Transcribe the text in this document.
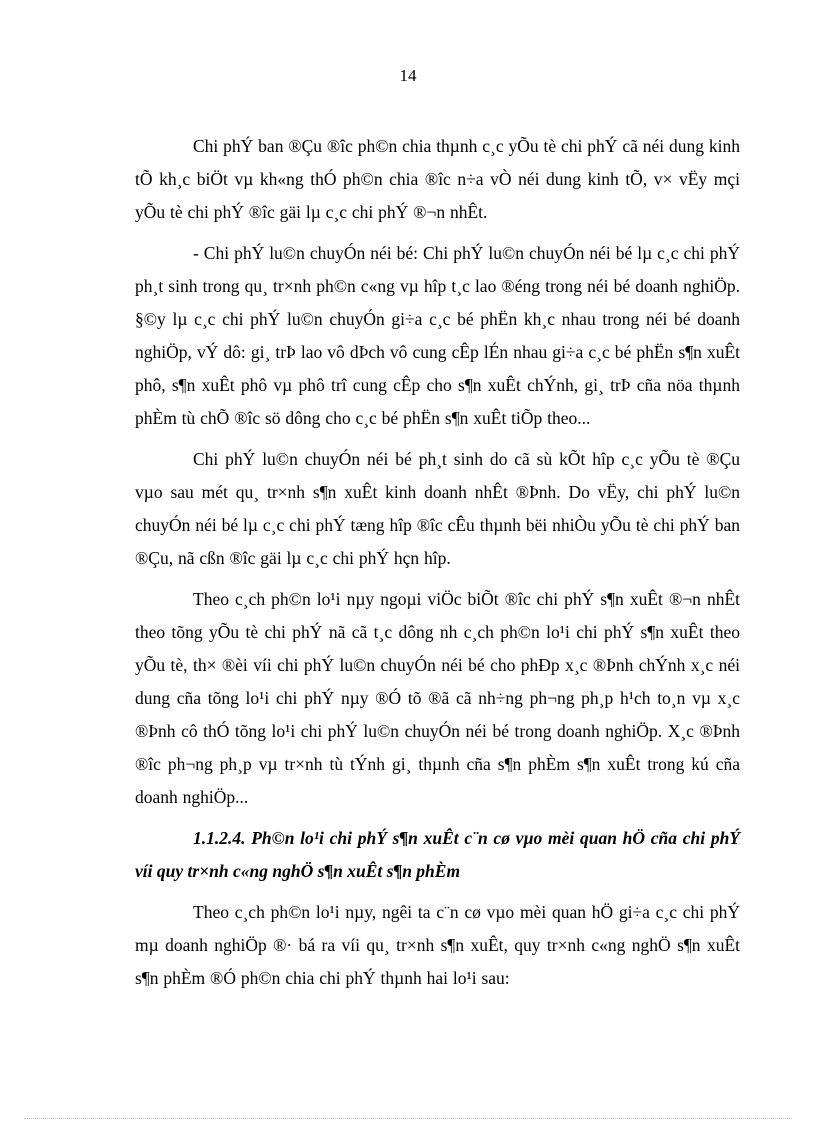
14

Chi phÝ ban ®Çu ®îc ph©n chia thµnh c¸c yÕu tè chi phÝ cã néi dung kinh tÕ kh¸c biÖt vµ kh«ng thÓ ph©n chia ®îc n÷a vÒ néi dung kinh tÕ, v× vËy mçi yÕu tè chi phÝ ®îc gäi lµ c¸c chi phÝ ®¬n nhÊt.

- Chi phÝ lu©n chuyÓn néi bé: Chi phÝ lu©n chuyÓn néi bé lµ c¸c chi phÝ ph¸t sinh trong qu¸ tr×nh ph©n c«ng vµ hîp t¸c lao ®éng trong néi bé doanh nghiÖp. §©y lµ c¸c chi phÝ lu©n chuyÓn gi÷a c¸c bé phËn kh¸c nhau trong néi bé doanh nghiÖp, vÝ dô: gi¸ trÞ lao vô dÞch vô cung cÊp lÉn nhau gi÷a c¸c bé phËn s¶n xuÊt phô, s¶n xuÊt phô vµ phô trî cung cÊp cho s¶n xuÊt chÝnh, gi¸ trÞ cña nöa thµnh phÈm tù chÕ ®îc sö dông cho c¸c bé phËn s¶n xuÊt tiÕp theo...

Chi phÝ lu©n chuyÓn néi bé ph¸t sinh do cã sù kÕt hîp c¸c yÕu tè ®Çu vµo sau mét qu¸ tr×nh s¶n xuÊt kinh doanh nhÊt ®Þnh. Do vËy, chi phÝ lu©n chuyÓn néi bé lµ c¸c chi phÝ tæng hîp ®îc cÊu thµnh bëi nhiÒu yÕu tè chi phÝ ban ®Çu, nã cßn ®îc gäi lµ c¸c chi phÝ hçn hîp.

Theo c¸ch ph©n lo¹i nµy ngoµi viÖc biÕt ®îc chi phÝ s¶n xuÊt ®¬n nhÊt theo tõng yÕu tè chi phÝ nã cã t¸c dông nh c¸ch ph©n lo¹i chi phÝ s¶n xuÊt theo yÕu tè, th× ®èi víi chi phÝ lu©n chuyÓn néi bé cho phÐp x¸c ®Þnh chÝnh x¸c néi dung cña tõng lo¹i chi phÝ nµy ®Ó tõ ®ã cã nh÷ng ph¬ng ph¸p h¹ch to¸n vµ x¸c ®Þnh cô thÓ tõng lo¹i chi phÝ lu©n chuyÓn néi bé trong doanh nghiÖp. X¸c ®Þnh ®îc ph¬ng ph¸p vµ tr×nh tù tÝnh gi¸ thµnh cña s¶n phÈm s¶n xuÊt trong kú cña doanh nghiÖp...

1.1.2.4. Ph©n lo¹i chi phÝ s¶n xuÊt c¨n cø vµo mèi quan hÖ cña chi phÝ víi quy tr×nh c«ng nghÖ s¶n xuÊt s¶n phÈm

Theo c¸ch ph©n lo¹i nµy, ngêi ta c¨n cø vµo mèi quan hÖ gi÷a c¸c chi phÝ mµ doanh nghiÖp ®· bá ra víi qu¸ tr×nh s¶n xuÊt, quy tr×nh c«ng nghÖ s¶n xuÊt s¶n phÈm ®Ó ph©n chia chi phÝ thµnh hai lo¹i sau:
